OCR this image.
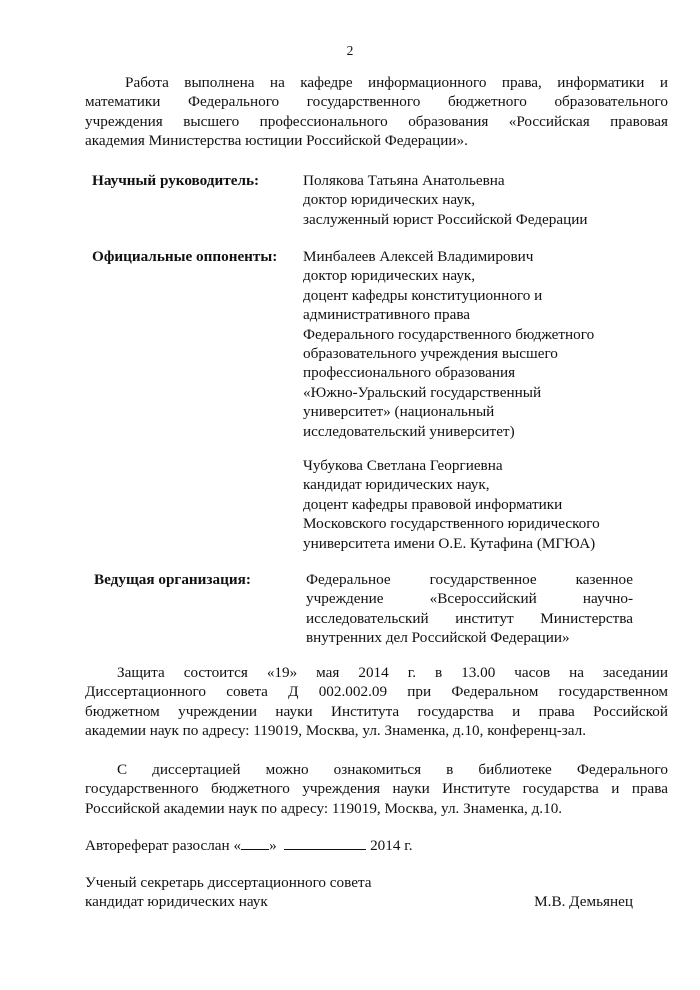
2
Работа выполнена на кафедре информационного права, информатики и
математики Федерального государственного бюджетного образовательного
учреждения высшего профессионального образования «Российская правовая
академия Министерства юстиции Российской Федерации».
Научный руководитель:	Полякова Татьяна Анатольевна
доктор юридических наук,
заслуженный юрист Российской Федерации
Официальные оппоненты: Минбалеев Алексей Владимирович
доктор юридических наук,
доцент кафедры конституционного и
административного права
Федерального государственного бюджетного
образовательного учреждения высшего
профессионального образования
«Южно-Уральский государственный
университет» (национальный
исследовательский университет)
Чубукова Светлана Георгиевна
кандидат юридических наук,
доцент кафедры правовой информатики
Московского государственного юридического
университета имени О.Е. Кутафина (МГЮА)
Ведущая организация:	Федеральное государственное казенное
учреждение «Всероссийский научно-
исследовательский институт Министерства
внутренних дел Российской Федерации»
Защита состоится «19» мая 2014 г. в 13.00 часов на заседании
Диссертационного совета Д 002.002.09 при Федеральном государственном
бюджетном учреждении науки Института государства и права Российской
академии наук по адресу: 119019, Москва, ул. Знаменка, д.10, конференц-зал.
С диссертацией можно ознакомиться в библиотеке Федерального
государственного бюджетного учреждения науки Институте государства и права
Российской академии наук по адресу: 119019, Москва, ул. Знаменка, д.10.
Автореферат разослан « »	2014 г.
Ученый секретарь диссертационного совета
кандидат юридических наук	М.В. Демьянец
